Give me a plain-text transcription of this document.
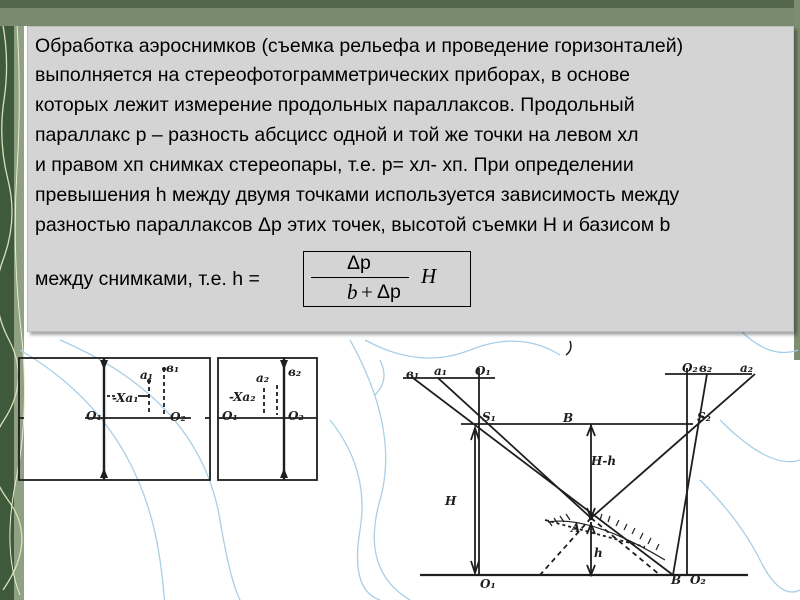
Обработка аэроснимков (съемка рельефа и проведение горизонталей)
выполняется на стереофотограмметрических приборах, в основе
которых лежит измерение продольных параллаксов. Продольный
параллакс р – разность абсцисс одной и той же точки на левом хл
и правом хп снимках стереопары, т.е. р= хл- хп. При определении
превышения h между двумя точками используется зависимость между
разностью параллаксов Δр этих точек, высотой съемки Н и базисом b
между снимками, т.е. h =
Δр
b + Δр
H
a₁ в₁
-Xa₁
O₁	O₂
a₂ в₂
-Xa₂
O₁	O₂
в₁ a₁ O₁	O₂ в₂ a₂
S₁	S₂
B
H-h
H
A
h
O₁	B O₂
